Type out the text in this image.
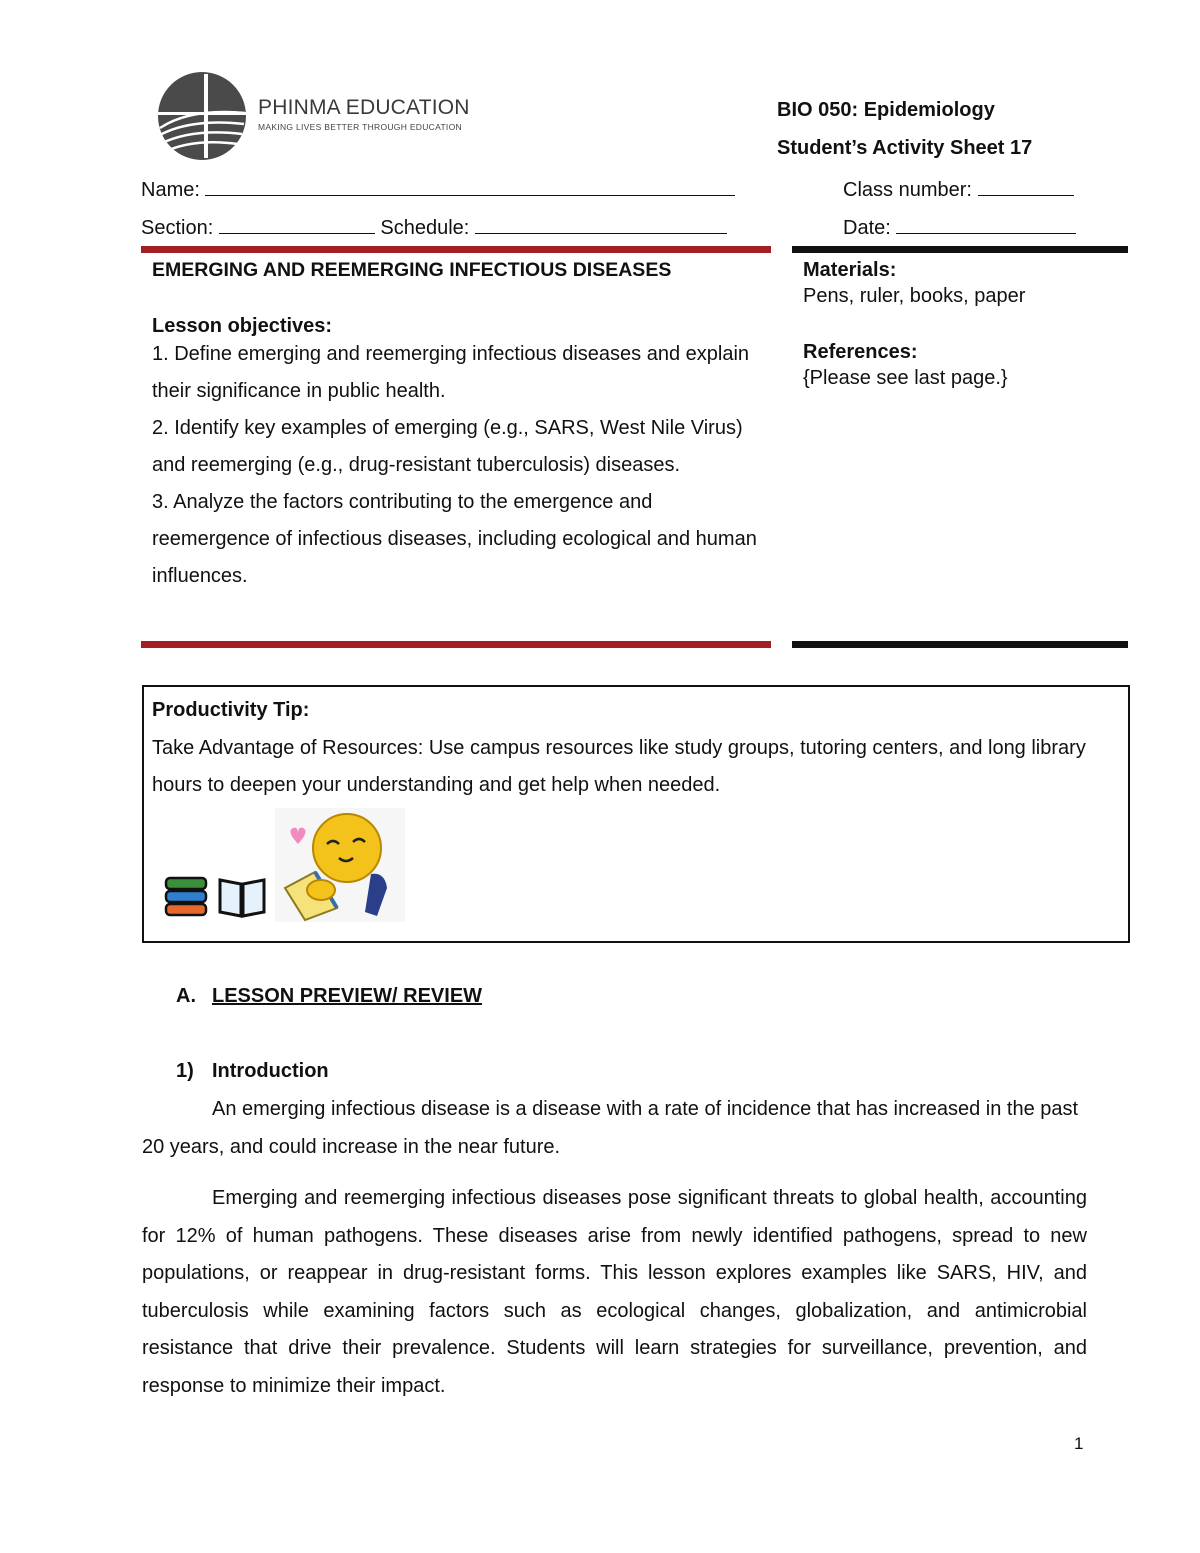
PHINMA EDUCATION
MAKING LIVES BETTER THROUGH EDUCATION
BIO 050: Epidemiology
Student’s Activity Sheet 17
Name:	Class number:
Section:	Schedule:	Date:
EMERGING AND REEMERGING INFECTIOUS DISEASES
Lesson objectives:
1. Define emerging and reemerging infectious diseases and explain their significance in public health.
2. Identify key examples of emerging (e.g., SARS, West Nile Virus) and reemerging (e.g., drug-resistant tuberculosis) diseases.
3. Analyze the factors contributing to the emergence and reemergence of infectious diseases, including ecological and human influences.
Materials:
Pens, ruler, books, paper
References:
{Please see last page.}
Productivity Tip:
Take Advantage of Resources: Use campus resources like study groups, tutoring centers, and long library hours to deepen your understanding and get help when needed.
A. LESSON PREVIEW/ REVIEW
1) Introduction
An emerging infectious disease is a disease with a rate of incidence that has increased in the past 20 years, and could increase in the near future.
Emerging and reemerging infectious diseases pose significant threats to global health, accounting for 12% of human pathogens. These diseases arise from newly identified pathogens, spread to new populations, or reappear in drug-resistant forms. This lesson explores examples like SARS, HIV, and tuberculosis while examining factors such as ecological changes, globalization, and antimicrobial resistance that drive their prevalence. Students will learn strategies for surveillance, prevention, and response to minimize their impact.
1
